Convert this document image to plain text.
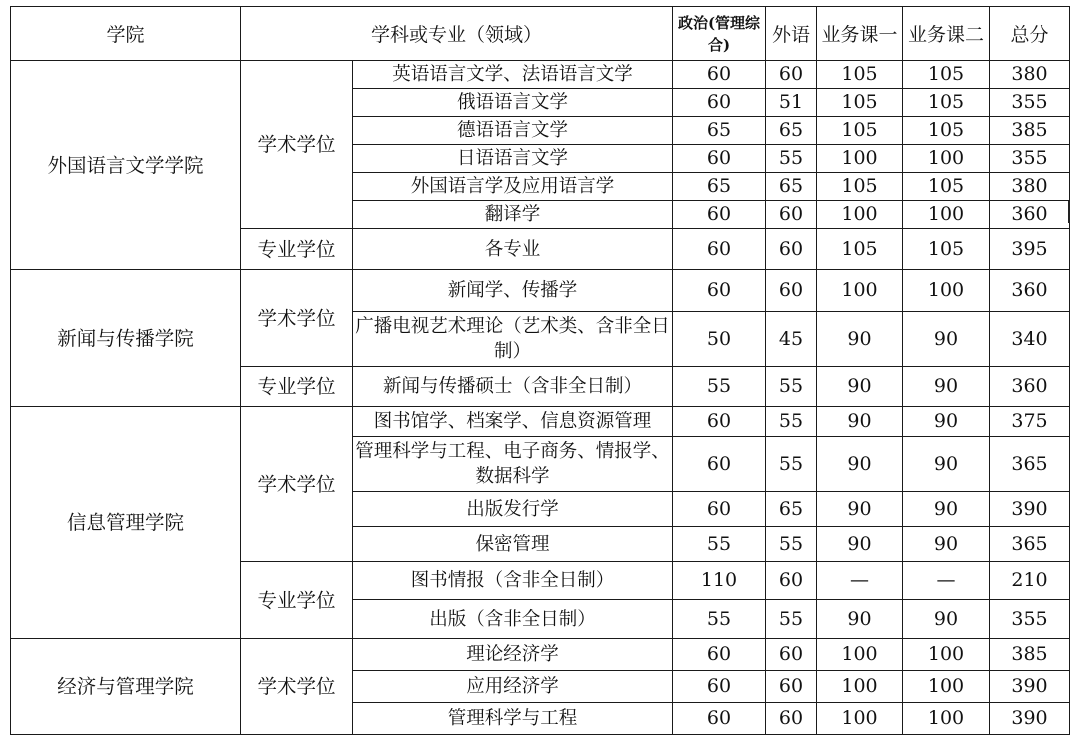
学院	学科或专业（领域）		政治(管理综合)	外语	业务课一	业务课二	总分
外国语言文学学院	学术学位	英语语言文学、法语语言文学	60	60	105	105	380
		俄语语言文学	60	51	105	105	355
		德语语言文学	65	65	105	105	385
		日语语言文学	60	55	100	100	355
		外国语言学及应用语言学	65	65	105	105	380
		翻译学	60	60	100	100	360
	专业学位	各专业	60	60	105	105	395
新闻与传播学院	学术学位	新闻学、传播学	60	60	100	100	360
		广播电视艺术理论（艺术类、含非全日制）	50	45	90	90	340
	专业学位	新闻与传播硕士（含非全日制）	55	55	90	90	360
信息管理学院	学术学位	图书馆学、档案学、信息资源管理	60	55	90	90	375
		管理科学与工程、电子商务、情报学、数据科学	60	55	90	90	365
		出版发行学	60	65	90	90	390
		保密管理	55	55	90	90	365
	专业学位	图书情报（含非全日制）	110	60	—	—	210
		出版（含非全日制）	55	55	90	90	355
经济与管理学院	学术学位	理论经济学	60	60	100	100	385
		应用经济学	60	60	100	100	390
		管理科学与工程	60	60	100	100	390
